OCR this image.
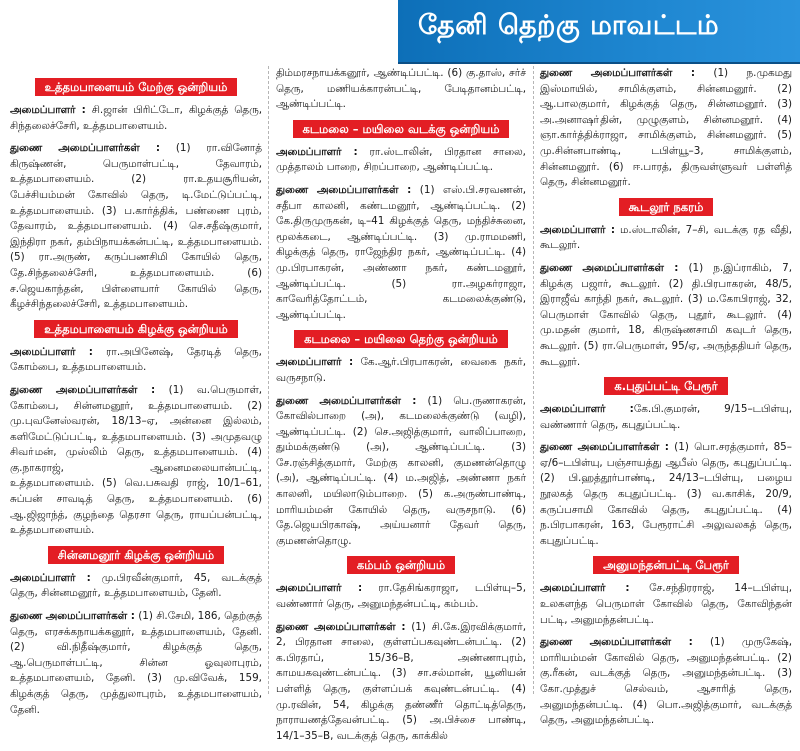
தேனி தெற்கு மாவட்டம்
உத்தமபாளையம் மேற்கு ஒன்றியம்

அமைப்பாளர் : சி.ஜான் பிரிட்டோ, கிழக்குத் தெரு, சிந்தலைச்சேரி, உத்தமபாளையம்.

துணை அமைப்பாளர்கள் : (1) ரா.வினோத் கிருஷ்ணன், பெருமாள்பட்டி, தேவாரம், உத்தமபாளையம். (2) ரா.உதயசூரியன், பேச்சியம்மன் கோவில் தெரு, டி.மேட்டுப்பட்டி, உத்தமபாளையம். (3) ப.கார்த்திக், பண்ணை புரம், தேவாரம், உத்தமபாளையம். (4) செ.சதீஷ்குமார், இந்திரா நகர், தம்பிநாயக்கன்பட்டி, உத்தமபாளையம். (5) ரா.அருண், கருப்பணசிமி கோயில் தெரு, தே.சிந்தலைச்சேரி, உத்தமபாளையம். (6) ச.ஜெயகாந்தன், பிள்ளையார் கோயில் தெரு, கீழச்சிந்தலைச்சேரி, உத்தமபாளையம்.

உத்தமபாளையம் கிழக்கு ஒன்றியம்

அமைப்பாளர் : ரா.அபினேஷ், தேரடித் தெரு, கோம்பை, உத்தமபாளையம்.

துணை அமைப்பாளர்கள் : (1) வ.பெருமாள், கோம்பை, சின்னமனூர், உத்தமபாளையம். (2) மு.புவனேஸ்வரன், 18/13–ஏ, அன்னை இல்லம், களிமேட்டுப்பட்டி, உத்தமபாளையம். (3) அமுதவழு சிவா்மன், முஸ்லிம் தெரு, உத்தமபாளையம். (4) கு.நாகராஜ், ஆனைமலையான்பட்டி, உத்தமபாளையம். (5) வெ.பசுவதி ராஜ், 10/1–61, சுப்பன் சாவடித் தெரு, உத்தமபாளையம். (6) ஆ.ஜிஜாந்த், குழந்தை தெரசா தெரு, ராயப்பன்பட்டி, உத்தமபாளையம்.

சின்னமனூர் கிழக்கு ஒன்றியம்

அமைப்பாளர் : மு.பிரவீன்குமார், 45, வடக்குத் தெரு, சின்னமனூர், உத்தமபாளையம், தேனி.

துணை அமைப்பாளர்கள் : (1) சி.சேமி, 186, தெற்குத் தெரு, எரசக்கநாயக்கனூர், உத்தமபாளையம், தேனி. (2) வி.நிதீஷ்குமார், கிழக்குத் தெரு, ஆ.பெருமாள்பட்டி, சின்ன ஓவுலாபுரம், உத்தமபாளையம், தேனி. (3) மு.விவேக், 159, கிழக்குத் தெரு, முத்துலாபுரம், உத்தமபாளையம், தேனி.

திம்மரசநாயக்கனூர், ஆண்டிப்பட்டி. (6) கு.தாஸ், சர்ச் தெரு, மணியக்காரன்பட்டி, பேடிதானம்பட்டி, ஆண்டிப்பட்டி.

கடமலை – மயிலை வடக்கு ஒன்றியம்

அமைப்பாளர் : ரா.ஸ்டாலின், பிரதான சாலை, முத்தாலம் பாறை, சிறப்பாறை, ஆண்டிப்பட்டி.

துணை அமைப்பாளர்கள் : (1) எஸ்.பி.சரவணன், சதீபா காலனி, கண்டமனூர், ஆண்டிப்பட்டி. (2) கே.திருமுருகன், டி–41 கிழக்குத் தெரு, மந்திச்சுனை, மூலக்கடை, ஆண்டிப்பட்டி. (3) மு.ராமமணி, கிழக்குத் தெரு, ராஜேந்திர நகர், ஆண்டிப்பட்டி. (4) மு.பிரபாகரன், அண்ணா நகர், கண்டமனூர், ஆண்டிப்பட்டி. (5) ரா.அழகர்ராஜா, காவேரித்தோட்டம், கடமலைக்குண்டு, ஆண்டிப்பட்டி.

கடமலை – மயிலை தெற்கு ஒன்றியம்

அமைப்பாளர் : கே.ஆர்.பிரபாகரன், வைகை நகர், வருசநாடு.

துணை அமைப்பாளர்கள் : (1) பெ.ருணாகரன், கோவில்பாறை (அ), கடமலைக்குண்டு (வழி), ஆண்டிப்பட்டி. (2) செ.அஜித்குமார், வாலிப்பாறை, தும்மக்குண்டு (அ), ஆண்டிப்பட்டி. (3) சே.ரஞ்சித்குமார், மேற்கு காலனி, குமணன்தொழு (அ), ஆண்டிப்பட்டி. (4) ம.அஜித், அண்ணா நகர் காலனி, மயிலாடும்பாறை. (5) க.அருண்பாண்டி, மாரியம்மன் கோயில் தெரு, வருசநாடு. (6) தே.ஜெயபிரகாஷ், அய்யனார் தேவர் தெரு, குமணன்தொழு.

கம்பம் ஒன்றியம்

அமைப்பாளர் : ரா.தேசிங்கராஜா, டபிள்யு–5, வண்ணார் தெரு, அனுமந்தன்பட்டி, கம்பம்.

துணை அமைப்பாளர்கள் : (1) சி.கே.இரவிக்குமார், 2, பிரதான சாலை, குள்ளப்பகவுண்டன்பட்டி. (2) க.பிரதாப், 15/36–B, அண்ணாபுரம், காமயகவுண்டன்பட்டி. (3) சா.சல்மான், யூனியன் பள்ளித் தெரு, குள்ளப்பக் கவுண்டன்பட்டி. (4) மு.ரவின், 54, கிழக்கு தண்ணீர் தொட்டித்தெரு, நாராயணத்தேவன்பட்டி. (5) அ.பிச்சை பாண்டி, 14/1–35–B, வடக்குத் தெரு, காக்கில்

துணை அமைப்பாளர்கள் : (1) ந.முகமது இஸ்மாயில், சாமிக்குளம், சின்னமனூர். (2) ஆ.பாலகுமார், கிழக்குத் தெரு, சின்னமனூர். (3) அ.அனாஷா்தின், முழுகுளம், சின்னமனூர். (4) ஞா.கார்த்திக்ராஜா, சாமிக்குளம், சின்னமனூர். (5) மு.சின்னபாண்டி, டபிள்யூ–3, சாமிக்குளம், சின்னமனூர். (6) ஈ.பாரத், திருவள்ளுவர் பள்ளித் தெரு, சின்னமனூர்.

கூடலூர் நகரம்

அமைப்பாளர் : ம.ஸ்டாலின், 7–சி, வடக்கு ரத வீதி, கூடலூர்.

துணை அமைப்பாளர்கள் : (1) ந.இப்ராகிம், 7, கிழக்கு பஜார், கூடலூர். (2) தி.பிரபாகரன், 48/5, இராஜீவ் காந்தி நகர், கூடலூர். (3) ம.கோபிராஜ், 32, பெருமாள் கோவில் தெரு, புதூர், கூடலூர். (4) மு.மதன் குமார், 18, கிருஷ்ணசாமி கவுடர் தெரு, கூடலூர். (5) ரா.பெருமாள், 95/ஏ, அருந்ததியர் தெரு, கூடலூர்.

க.புதுப்பட்டி பேரூர்

அமைப்பாளர் :கே.பி.குமரன், 9/15–டபிள்யு, வண்ணார் தெரு, கபுதுப்பட்டி.

துணை அமைப்பாளர்கள் : (1) பொ.சரத்குமார், 85–ஏ/6–டபிள்யு, பஞ்சாயத்து ஆபீஸ் தெரு, கபுதுப்பட்டி. (2) பி.ஹத்தூர்பாண்டி, 24/13–டபிள்யு, பழைய நூலகத் தெரு கபுதுப்பட்டி. (3) வ.காசிக், 20/9, கருப்பசாமி கோவில் தெரு, கபுதுப்பட்டி. (4) ந.பிரபாகரன், 163, பேரூராட்சி அலுவலகத் தெரு, கபுதுப்பட்டி.

அனுமந்தன்பட்டி பேரூர்

அமைப்பாளர் : சே.சந்திரராஜ், 14–டபிள்யு, உலகளந்த பெருமாள் கோவில் தெரு, கோவிந்தன் பட்டி, அனுமந்தன்பட்டி.

துணை அமைப்பாளர்கள் : (1) முருகேஷ், மாரியம்மன் கோவில் தெரு, அனுமந்தன்பட்டி. (2) கு.ரீகன், வடக்குத் தெரு, அனுமந்தன்பட்டி. (3) கோ.முத்துச் செல்வம், ஆசாரித் தெரு, அனுமந்தன்பட்டி. (4) பொ.அஜித்குமார், வடக்குத் தெரு, அனுமந்தன்பட்டி.
